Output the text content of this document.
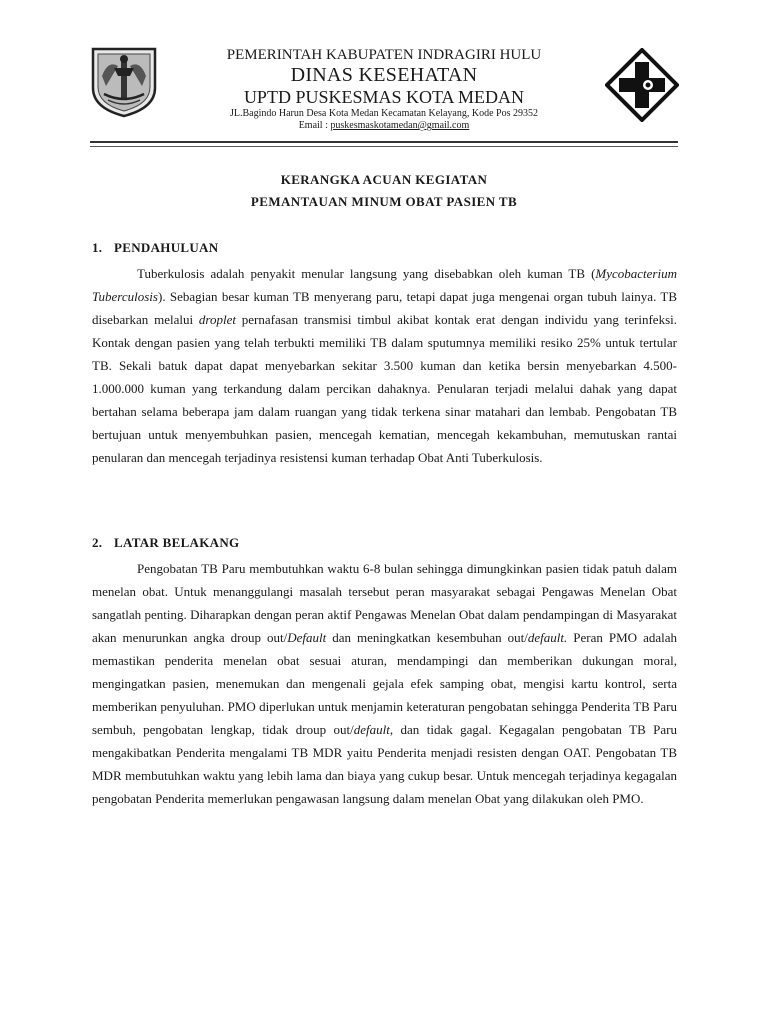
PEMERINTAH KABUPATEN INDRAGIRI HULU
DINAS KESEHATAN
UPTD PUSKESMAS KOTA MEDAN
JL.Bagindo Harun Desa Kota Medan Kecamatan Kelayang, Kode Pos 29352
Email : puskesmaskotamedan@gmail.com
KERANGKA ACUAN KEGIATAN
PEMANTAUAN MINUM OBAT PASIEN TB
1. PENDAHULUAN
Tuberkulosis adalah penyakit menular langsung yang disebabkan oleh kuman TB (Mycobacterium Tuberculosis). Sebagian besar kuman TB menyerang paru, tetapi dapat juga mengenai organ tubuh lainya. TB disebarkan melalui droplet pernafasan transmisi timbul akibat kontak erat dengan individu yang terinfeksi. Kontak dengan pasien yang telah terbukti memiliki TB dalam sputumnya memiliki resiko 25% untuk tertular TB. Sekali batuk dapat dapat menyebarkan sekitar 3.500 kuman dan ketika bersin menyebarkan 4.500-1.000.000 kuman yang terkandung dalam percikan dahaknya. Penularan terjadi melalui dahak yang dapat bertahan selama beberapa jam dalam ruangan yang tidak terkena sinar matahari dan lembab. Pengobatan TB bertujuan untuk menyembuhkan pasien, mencegah kematian, mencegah kekambuhan, memutuskan rantai penularan dan mencegah terjadinya resistensi kuman terhadap Obat Anti Tuberkulosis.
2. LATAR BELAKANG
Pengobatan TB Paru membutuhkan waktu 6-8 bulan sehingga dimungkinkan pasien tidak patuh dalam menelan obat. Untuk menanggulangi masalah tersebut peran masyarakat sebagai Pengawas Menelan Obat sangatlah penting. Diharapkan dengan peran aktif Pengawas Menelan Obat dalam pendampingan di Masyarakat akan menurunkan angka droup out/Default dan meningkatkan kesembuhan out/default. Peran PMO adalah memastikan penderita menelan obat sesuai aturan, mendampingi dan memberikan dukungan moral, mengingatkan pasien, menemukan dan mengenali gejala efek samping obat, mengisi kartu kontrol, serta memberikan penyuluhan. PMO diperlukan untuk menjamin keteraturan pengobatan sehingga Penderita TB Paru sembuh, pengobatan lengkap, tidak droup out/default, dan tidak gagal. Kegagalan pengobatan TB Paru mengakibatkan Penderita mengalami TB MDR yaitu Penderita menjadi resisten dengan OAT. Pengobatan TB MDR membutuhkan waktu yang lebih lama dan biaya yang cukup besar. Untuk mencegah terjadinya kegagalan pengobatan Penderita memerlukan pengawasan langsung dalam menelan Obat yang dilakukan oleh PMO.
